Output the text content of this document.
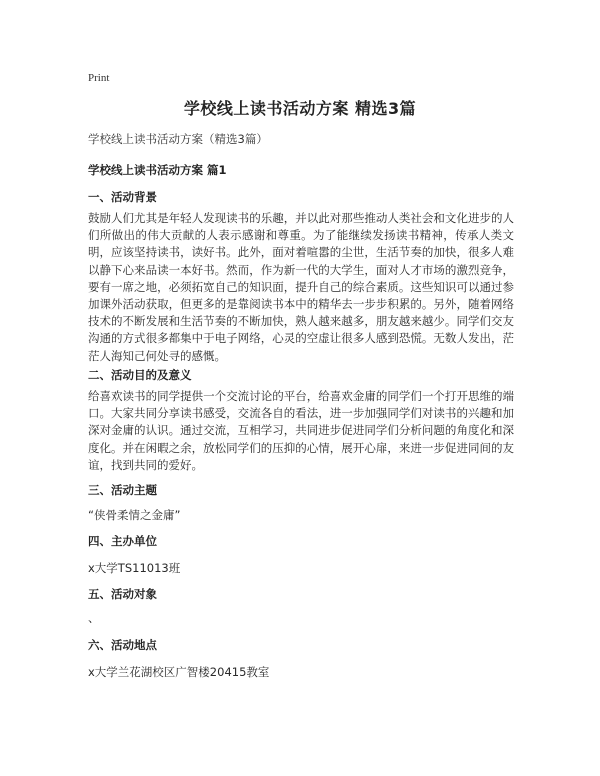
Print
学校线上读书活动方案 精选3篇
学校线上读书活动方案（精选3篇）
学校线上读书活动方案 篇1
一、活动背景

鼓励人们尤其是年轻人发现读书的乐趣，并以此对那些推动人类社会和文化进步的人们所做出的伟大贡献的人表示感谢和尊重。为了能继续发扬读书精神，传承人类文明，应该坚持读书，读好书。此外，面对着喧嚣的尘世，生活节奏的加快，很多人难以静下心来品读一本好书。然而，作为新一代的大学生，面对人才市场的激烈竞争，要有一席之地，必须拓宽自己的知识面，提升自己的综合素质。这些知识可以通过参加课外活动获取，但更多的是靠阅读书本中的精华去一步步积累的。另外，随着网络技术的不断发展和生活节奏的不断加快，熟人越来越多，朋友越来越少。同学们交友沟通的方式很多都集中于电子网络，心灵的空虚让很多人感到恐慌。无数人发出，茫茫人海知己何处寻的感慨。

二、活动目的及意义

给喜欢读书的同学提供一个交流讨论的平台，给喜欢金庸的同学们一个打开思维的端口。大家共同分享读书感受，交流各自的看法，进一步加强同学们对读书的兴趣和加深对金庸的认识。通过交流，互相学习，共同进步促进同学们分析问题的角度化和深度化。并在闲暇之余，放松同学们的压抑的心情，展开心扉，来进一步促进同间的友谊，找到共同的爱好。

三、活动主题
“侠骨柔情之金庸”
四、主办单位
x大学TS11013班
五、活动对象
、
六、活动地点
x大学兰花湖校区广智楼20415教室
